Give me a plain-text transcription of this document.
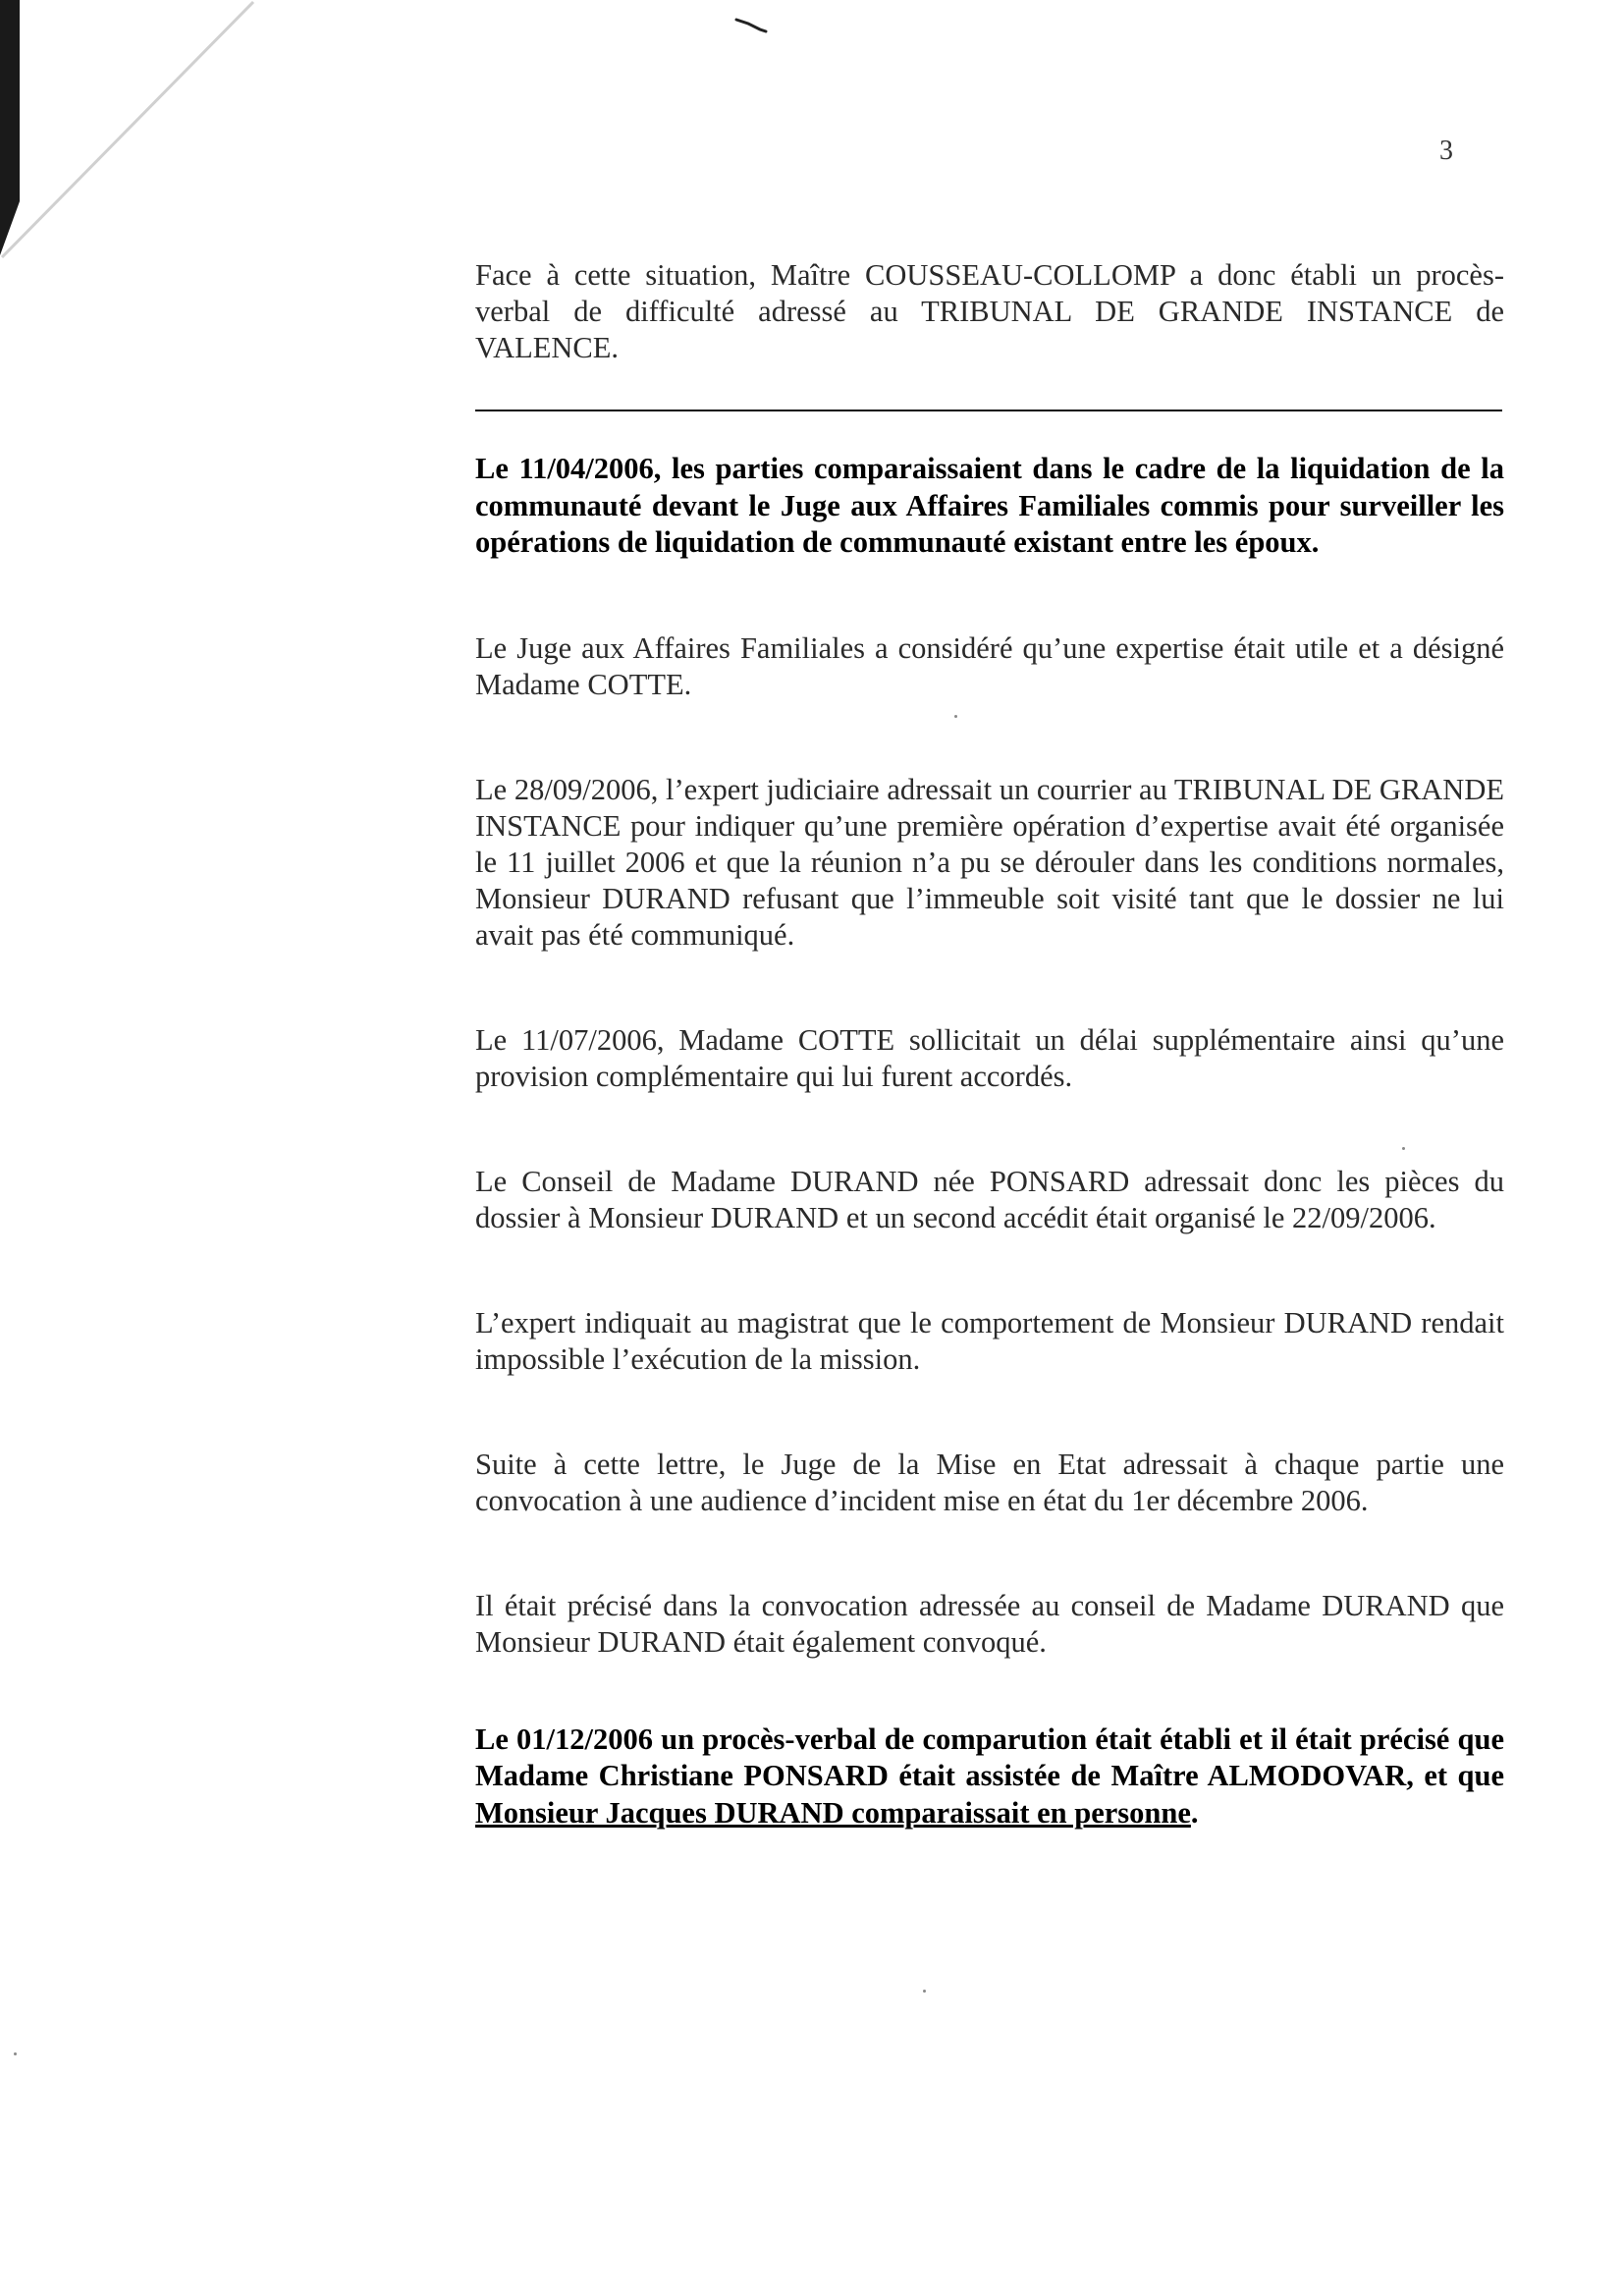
3

Face à cette situation, Maître COUSSEAU-COLLOMP a donc établi un procès-verbal de difficulté adressé au TRIBUNAL DE GRANDE INSTANCE de VALENCE.

Le 11/04/2006, les parties comparaissaient dans le cadre de la liquidation de la communauté devant le Juge aux Affaires Familiales commis pour surveiller les opérations de liquidation de communauté existant entre les époux.

Le Juge aux Affaires Familiales a considéré qu’une expertise était utile et a désigné Madame COTTE.

Le 28/09/2006, l’expert judiciaire adressait un courrier au TRIBUNAL DE GRANDE INSTANCE pour indiquer qu’une première opération d’expertise avait été organisée le 11 juillet 2006 et que la réunion n’a pu se dérouler dans les conditions normales, Monsieur DURAND refusant que l’immeuble soit visité tant que le dossier ne lui avait pas été communiqué.

Le 11/07/2006, Madame COTTE sollicitait un délai supplémentaire ainsi qu’une provision complémentaire qui lui furent accordés.

Le Conseil de Madame DURAND née PONSARD adressait donc les pièces du dossier à Monsieur DURAND et un second accédit était organisé le 22/09/2006.

L’expert indiquait au magistrat que le comportement de Monsieur DURAND rendait impossible l’exécution de la mission.

Suite à cette lettre, le Juge de la Mise en Etat adressait à chaque partie une convocation à une audience d’incident mise en état du 1er décembre 2006.

Il était précisé dans la convocation adressée au conseil de Madame DURAND que Monsieur DURAND était également convoqué.

Le 01/12/2006 un procès-verbal de comparution était établi et il était précisé que Madame Christiane PONSARD était assistée de Maître ALMODOVAR, et que Monsieur Jacques DURAND comparaissait en personne.
